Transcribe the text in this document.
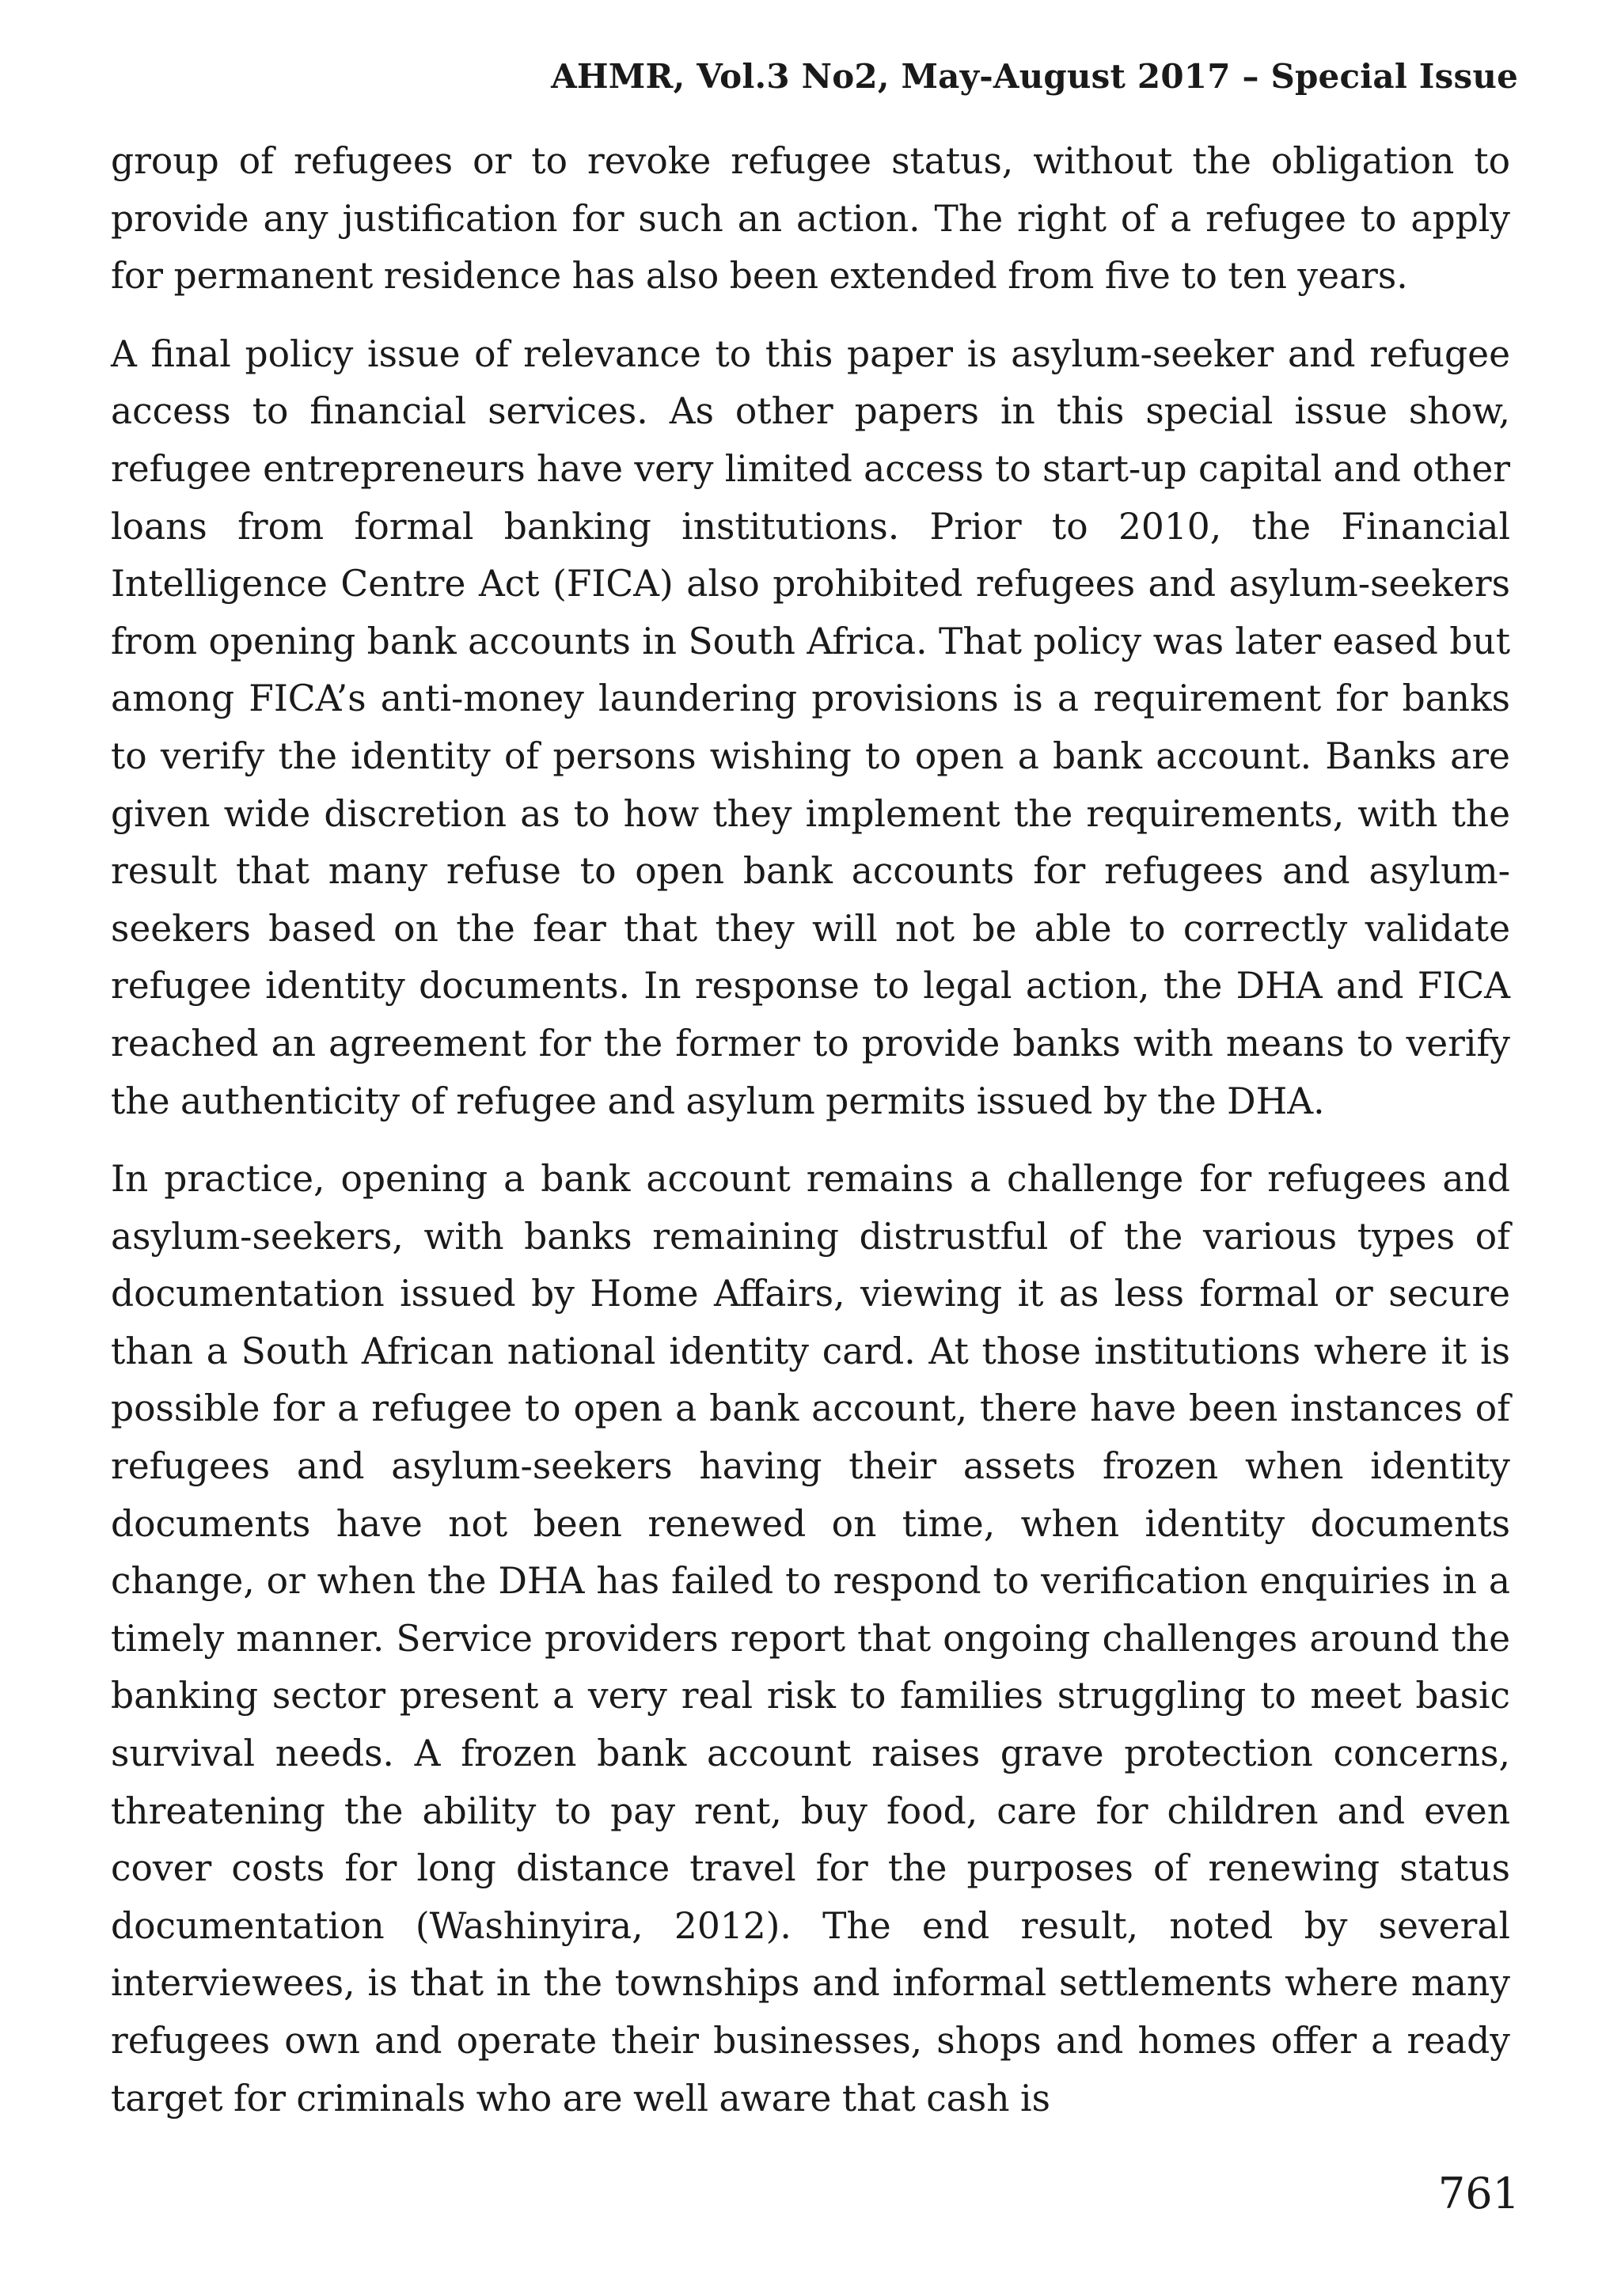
AHMR, Vol.3 No2, May-August 2017 – Special Issue

group of refugees or to revoke refugee status, without the obligation to provide any justification for such an action. The right of a refugee to apply for permanent residence has also been extended from five to ten years.

A final policy issue of relevance to this paper is asylum-seeker and refugee access to financial services. As other papers in this special issue show, refugee entrepreneurs have very limited access to start-up capital and other loans from formal banking institutions. Prior to 2010, the Financial Intelligence Centre Act (FICA) also prohibited refugees and asylum-seekers from opening bank accounts in South Africa. That policy was later eased but among FICA’s anti-money laundering provisions is a requirement for banks to verify the identity of persons wishing to open a bank account. Banks are given wide discretion as to how they implement the requirements, with the result that many refuse to open bank accounts for refugees and asylum-seekers based on the fear that they will not be able to correctly validate refugee identity documents. In response to legal action, the DHA and FICA reached an agreement for the former to provide banks with means to verify the authenticity of refugee and asylum permits issued by the DHA.

In practice, opening a bank account remains a challenge for refugees and asylum-seekers, with banks remaining distrustful of the various types of documentation issued by Home Affairs, viewing it as less formal or secure than a South African national identity card. At those institutions where it is possible for a refugee to open a bank account, there have been instances of refugees and asylum-seekers having their assets frozen when identity documents have not been renewed on time, when identity documents change, or when the DHA has failed to respond to verification enquiries in a timely manner. Service providers report that ongoing challenges around the banking sector present a very real risk to families struggling to meet basic survival needs. A frozen bank account raises grave protection concerns, threatening the ability to pay rent, buy food, care for children and even cover costs for long distance travel for the purposes of renewing status documentation (Washinyira, 2012). The end result, noted by several interviewees, is that in the townships and informal settlements where many refugees own and operate their businesses, shops and homes offer a ready target for criminals who are well aware that cash is

761
